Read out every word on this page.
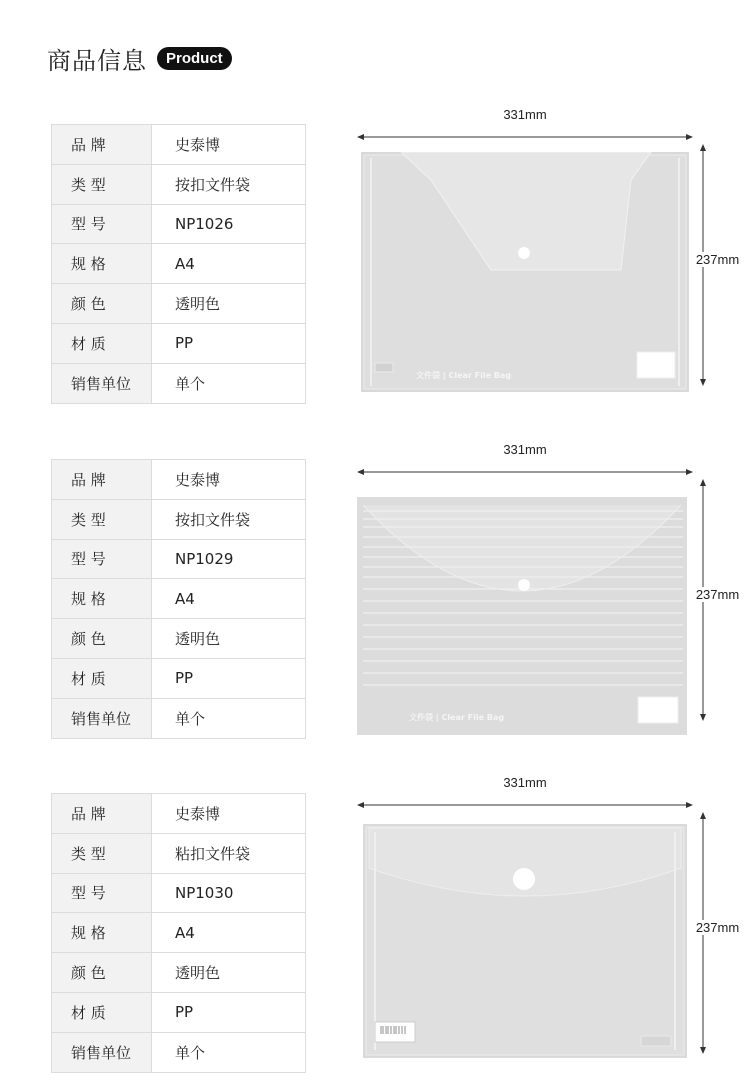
商品信息	Product
品 牌	史泰博
类 型	按扣文件袋
型 号	NP1026
规 格	A4
颜 色	透明色
材 质	PP
销售单位	单个
331mm
文件袋 | Clear File Bag
237mm
品 牌	史泰博
类 型	按扣文件袋
型 号	NP1029
规 格	A4
颜 色	透明色
材 质	PP
销售单位	单个
331mm
文件袋 | Clear File Bag
237mm
品 牌	史泰博
类 型	粘扣文件袋
型 号	NP1030
规 格	A4
颜 色	透明色
材 质	PP
销售单位	单个
331mm
237mm
